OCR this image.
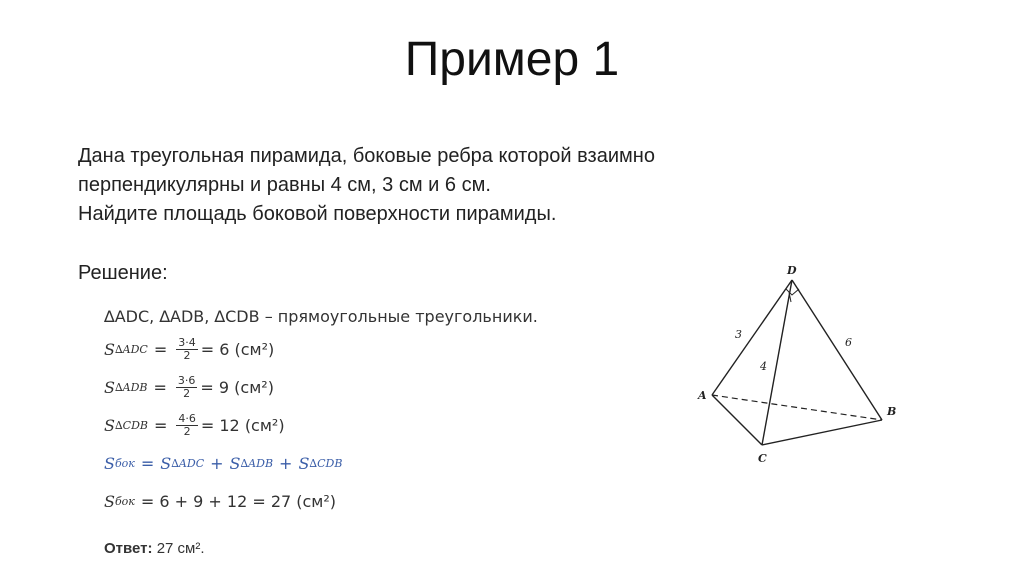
Пример 1
Дана треугольная пирамида, боковые ребра которой взаимно
перпендикулярны и равны 4 см, 3 см и 6 см.
Найдите площадь боковой поверхности пирамиды.
Решение:
∆ADC, ∆ADB, ∆CDB – прямоугольные треугольники.
S $\Delta ADC = \frac{3\cdot 4}{2} = 6$ (см²)
S $\Delta ADB = \frac{3\cdot 6}{2} = 9$ (см²)
S $\Delta CDB = \frac{4\cdot 6}{2} = 12$ (см²)
S бок = S ∆ADC + S ∆ADB + S ∆CDB
S бок = 6 + 9 + 12 = 27 (см²)
Ответ: 27 см².
D
A
B
C
3
4
6
